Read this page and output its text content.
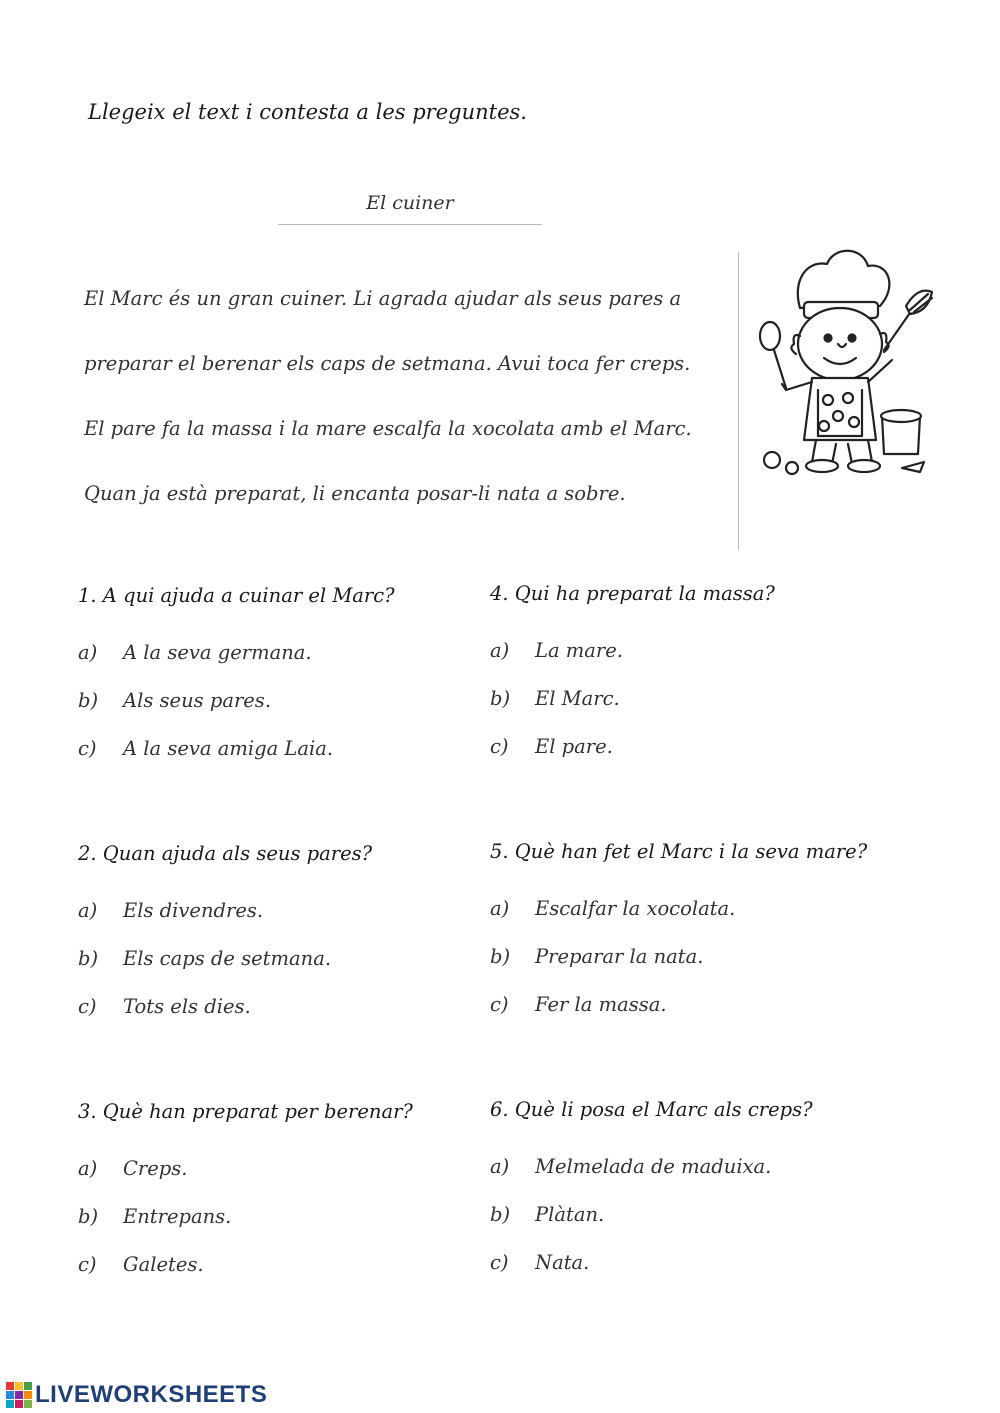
Llegeix el text i contesta a les preguntes.
El cuiner
El Marc és un gran cuiner. Li agrada ajudar als seus pares a
preparar el berenar els caps de setmana. Avui toca fer creps.
El pare fa la massa i la mare escalfa la xocolata amb el Marc.
Quan ja està preparat, li encanta posar-li nata a sobre.
1. A qui ajuda a cuinar el Marc?
a) A la seva germana.
b) Als seus pares.
c) A la seva amiga Laia.
2. Quan ajuda als seus pares?
a) Els divendres.
b) Els caps de setmana.
c) Tots els dies.
3. Què han preparat per berenar?
a) Creps.
b) Entrepans.
c) Galetes.
4. Qui ha preparat la massa?
a) La mare.
b) El Marc.
c) El pare.
5. Què han fet el Marc i la seva mare?
a) Escalfar la xocolata.
b) Preparar la nata.
c) Fer la massa.
6. Què li posa el Marc als creps?
a) Melmelada de maduixa.
b) Plàtan.
c) Nata.
LIVEWORKSHEETS
